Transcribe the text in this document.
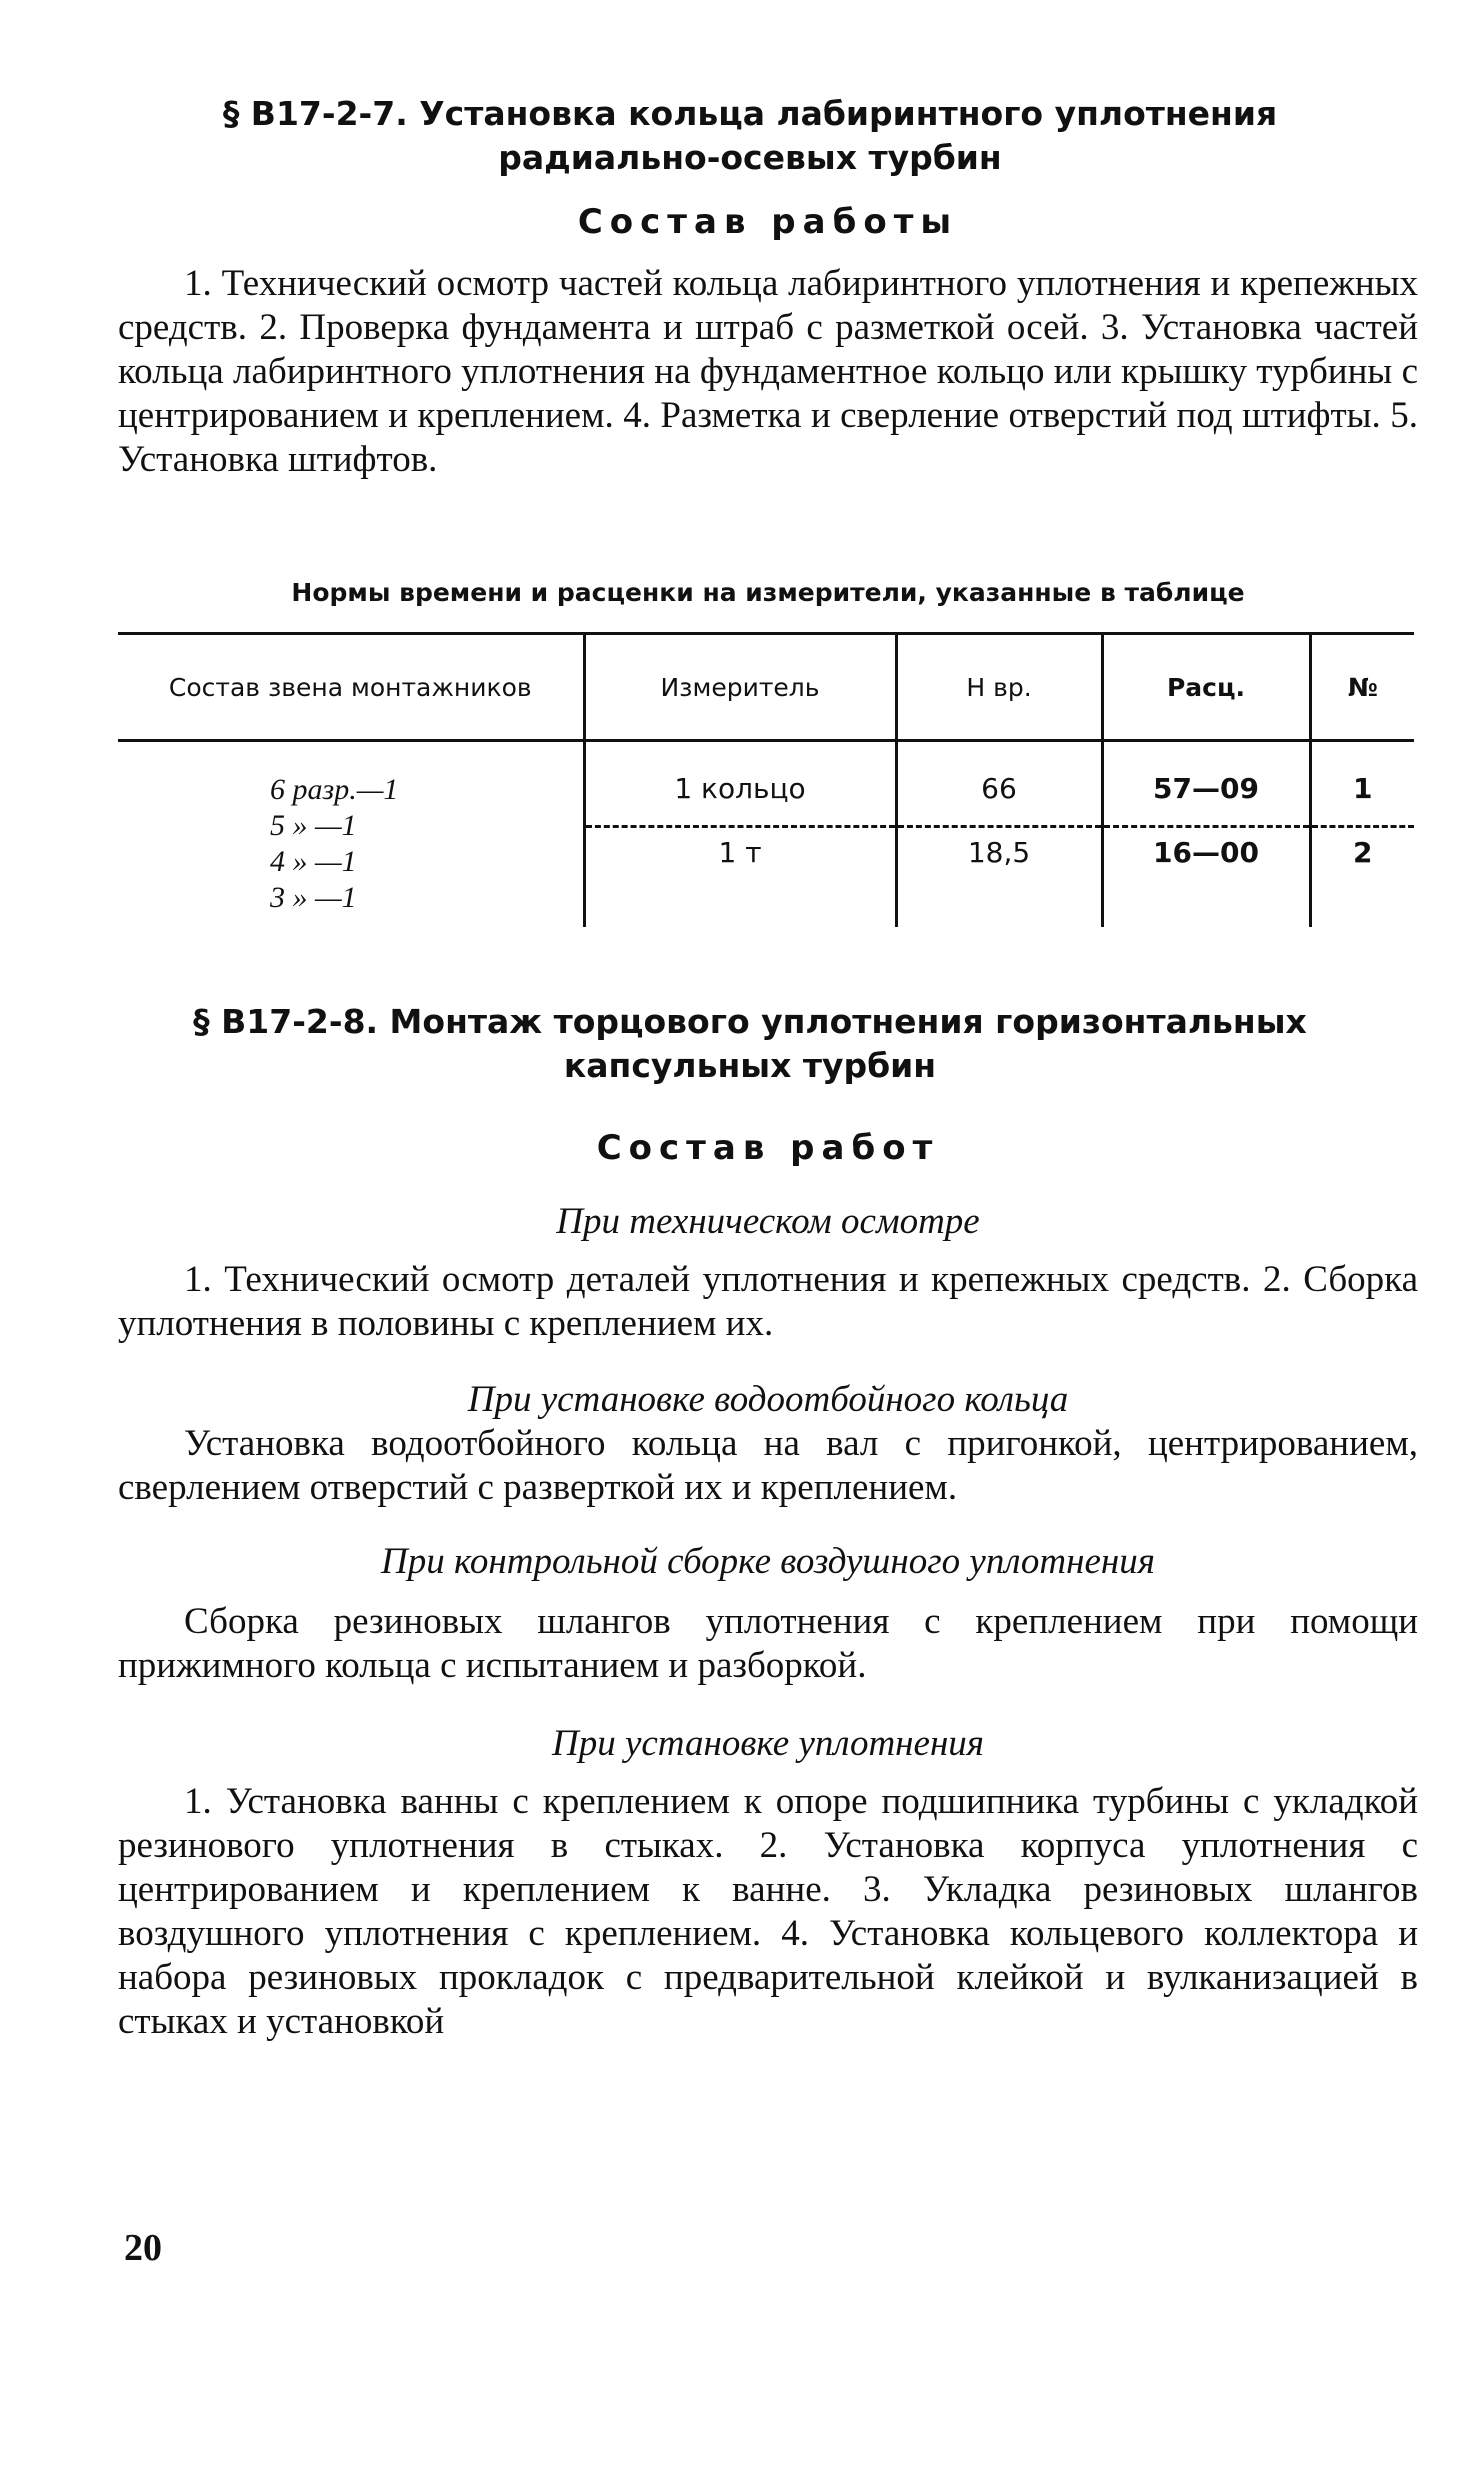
§ В17-2-7. Установка кольца лабиринтного уплотнения радиально-осевых турбин
Состав работы

1. Технический осмотр частей кольца лабиринтного уплотнения и крепежных средств. 2. Проверка фундамента и штраб с разметкой осей. 3. Установка частей кольца лабиринтного уплотнения на фундаментное кольцо или крышку турбины с центрированием и креплением. 4. Разметка и сверление отверстий под штифты. 5. Установка штифтов.

Нормы времени и расценки на измерители, указанные в таблице
Состав звена монтажников	Измеритель	Н вр.	Расц.	№

6 разр.—1
5 » —1
4 » —1
3 » —1	1 кольцо	66	57—09	1
	1 т	18,5	16—00	2
§ В17-2-8. Монтаж торцового уплотнения горизонтальных капсульных турбин
Состав работ
При техническом осмотре

1. Технический осмотр деталей уплотнения и крепежных средств. 2. Сборка уплотнения в половины с креплением их.

При установке водоотбойного кольца

Установка водоотбойного кольца на вал с пригонкой, центрированием, сверлением отверстий с разверткой их и креплением.

При контрольной сборке воздушного уплотнения

Сборка резиновых шлангов уплотнения с креплением при помощи прижимного кольца с испытанием и разборкой.

При установке уплотнения

1. Установка ванны с креплением к опоре подшипника турбины с укладкой резинового уплотнения в стыках. 2. Установка корпуса уплотнения с центрированием и креплением к ванне. 3. Укладка резиновых шлангов воздушного уплотнения с креплением. 4. Установка кольцевого коллектора и набора резиновых прокладок с предварительной клейкой и вулканизацией в стыках и установкой

20
